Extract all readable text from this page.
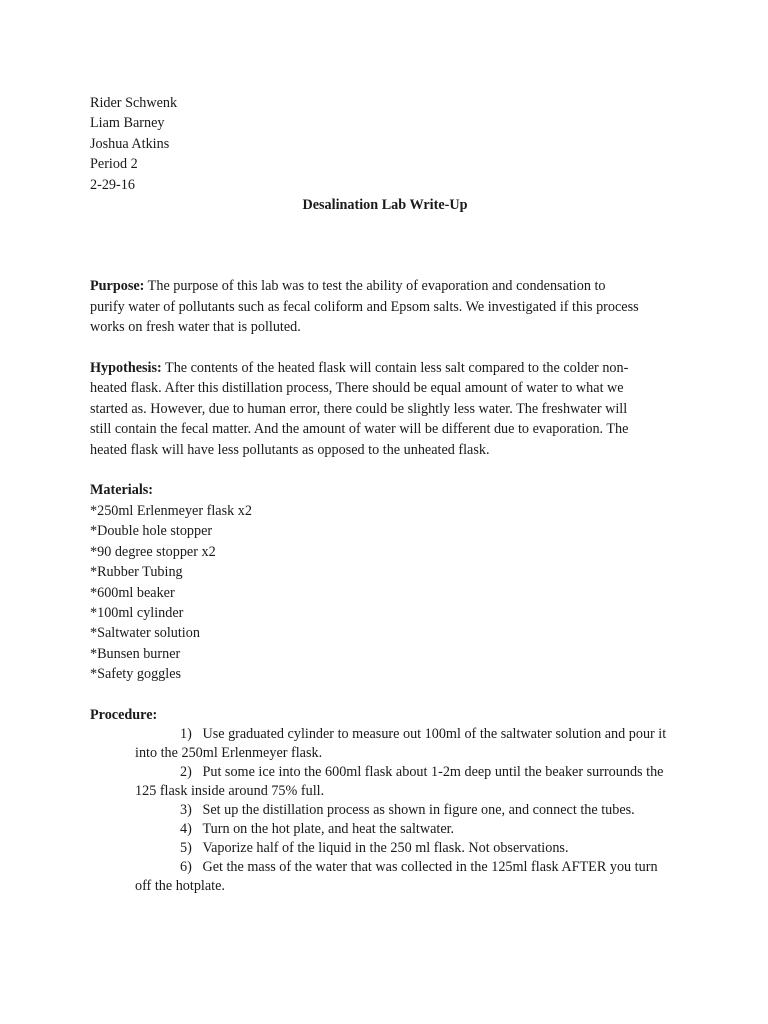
Rider Schwenk
Liam Barney
Joshua Atkins
Period 2
2-29-16
Desalination Lab Write-Up
Purpose: The purpose of this lab was to test the ability of evaporation and condensation to
purify water of pollutants such as fecal coliform and Epsom salts. We investigated if this process
works on fresh water that is polluted.
Hypothesis: The contents of the heated flask will contain less salt compared to the colder non-
heated flask. After this distillation process, There should be equal amount of water to what we
started as. However, due to human error, there could be slightly less water. The freshwater will
still contain the fecal matter. And the amount of water will be different due to evaporation. The
heated flask will have less pollutants as opposed to the unheated flask.
Materials:
*250ml Erlenmeyer flask x2
*Double hole stopper
*90 degree stopper x2
*Rubber Tubing
*600ml beaker
*100ml cylinder
*Saltwater solution
*Bunsen burner
*Safety goggles
Procedure:
1)   Use graduated cylinder to measure out 100ml of the saltwater solution and pour it
into the 250ml Erlenmeyer flask.
2)   Put some ice into the 600ml flask about 1-2m deep until the beaker surrounds the
125 flask inside around 75% full.
3)   Set up the distillation process as shown in figure one, and connect the tubes.
4)   Turn on the hot plate, and heat the saltwater.
5)   Vaporize half of the liquid in the 250 ml flask. Not observations.
6)   Get the mass of the water that was collected in the 125ml flask AFTER you turn
off the hotplate.
